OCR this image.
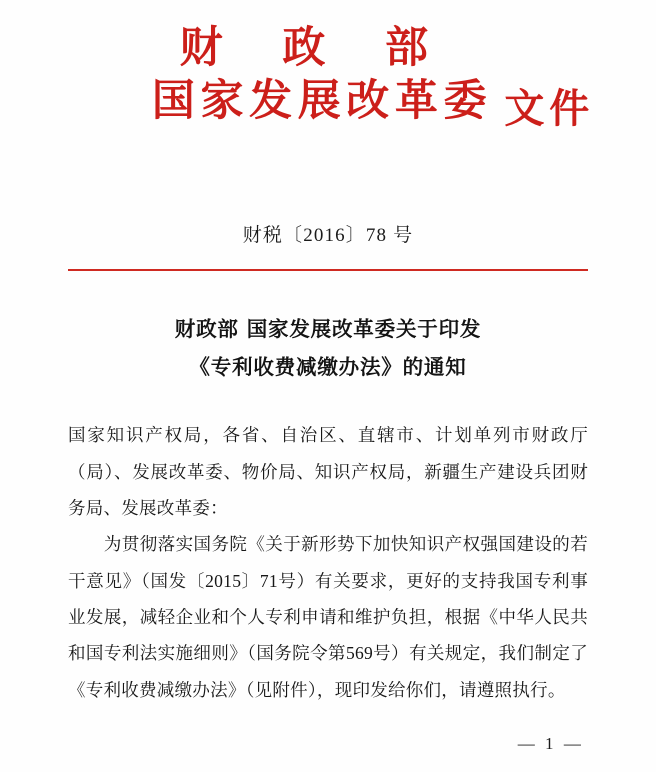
财 政 部
国家发展改革委 文件
财税〔2016〕78 号
财政部 国家发展改革委关于印发
《专利收费减缴办法》的通知

国家知识产权局，各省、自治区、直辖市、计划单列市财政厅（局）、发展改革委、物价局、知识产权局，新疆生产建设兵团财务局、发展改革委：

为贯彻落实国务院《关于新形势下加快知识产权强国建设的若干意见》（国发〔2015〕71号）有关要求，更好的支持我国专利事业发展，减轻企业和个人专利申请和维护负担，根据《中华人民共和国专利法实施细则》（国务院令第569号）有关规定，我们制定了《专利收费减缴办法》（见附件），现印发给你们，请遵照执行。

— 1 —
